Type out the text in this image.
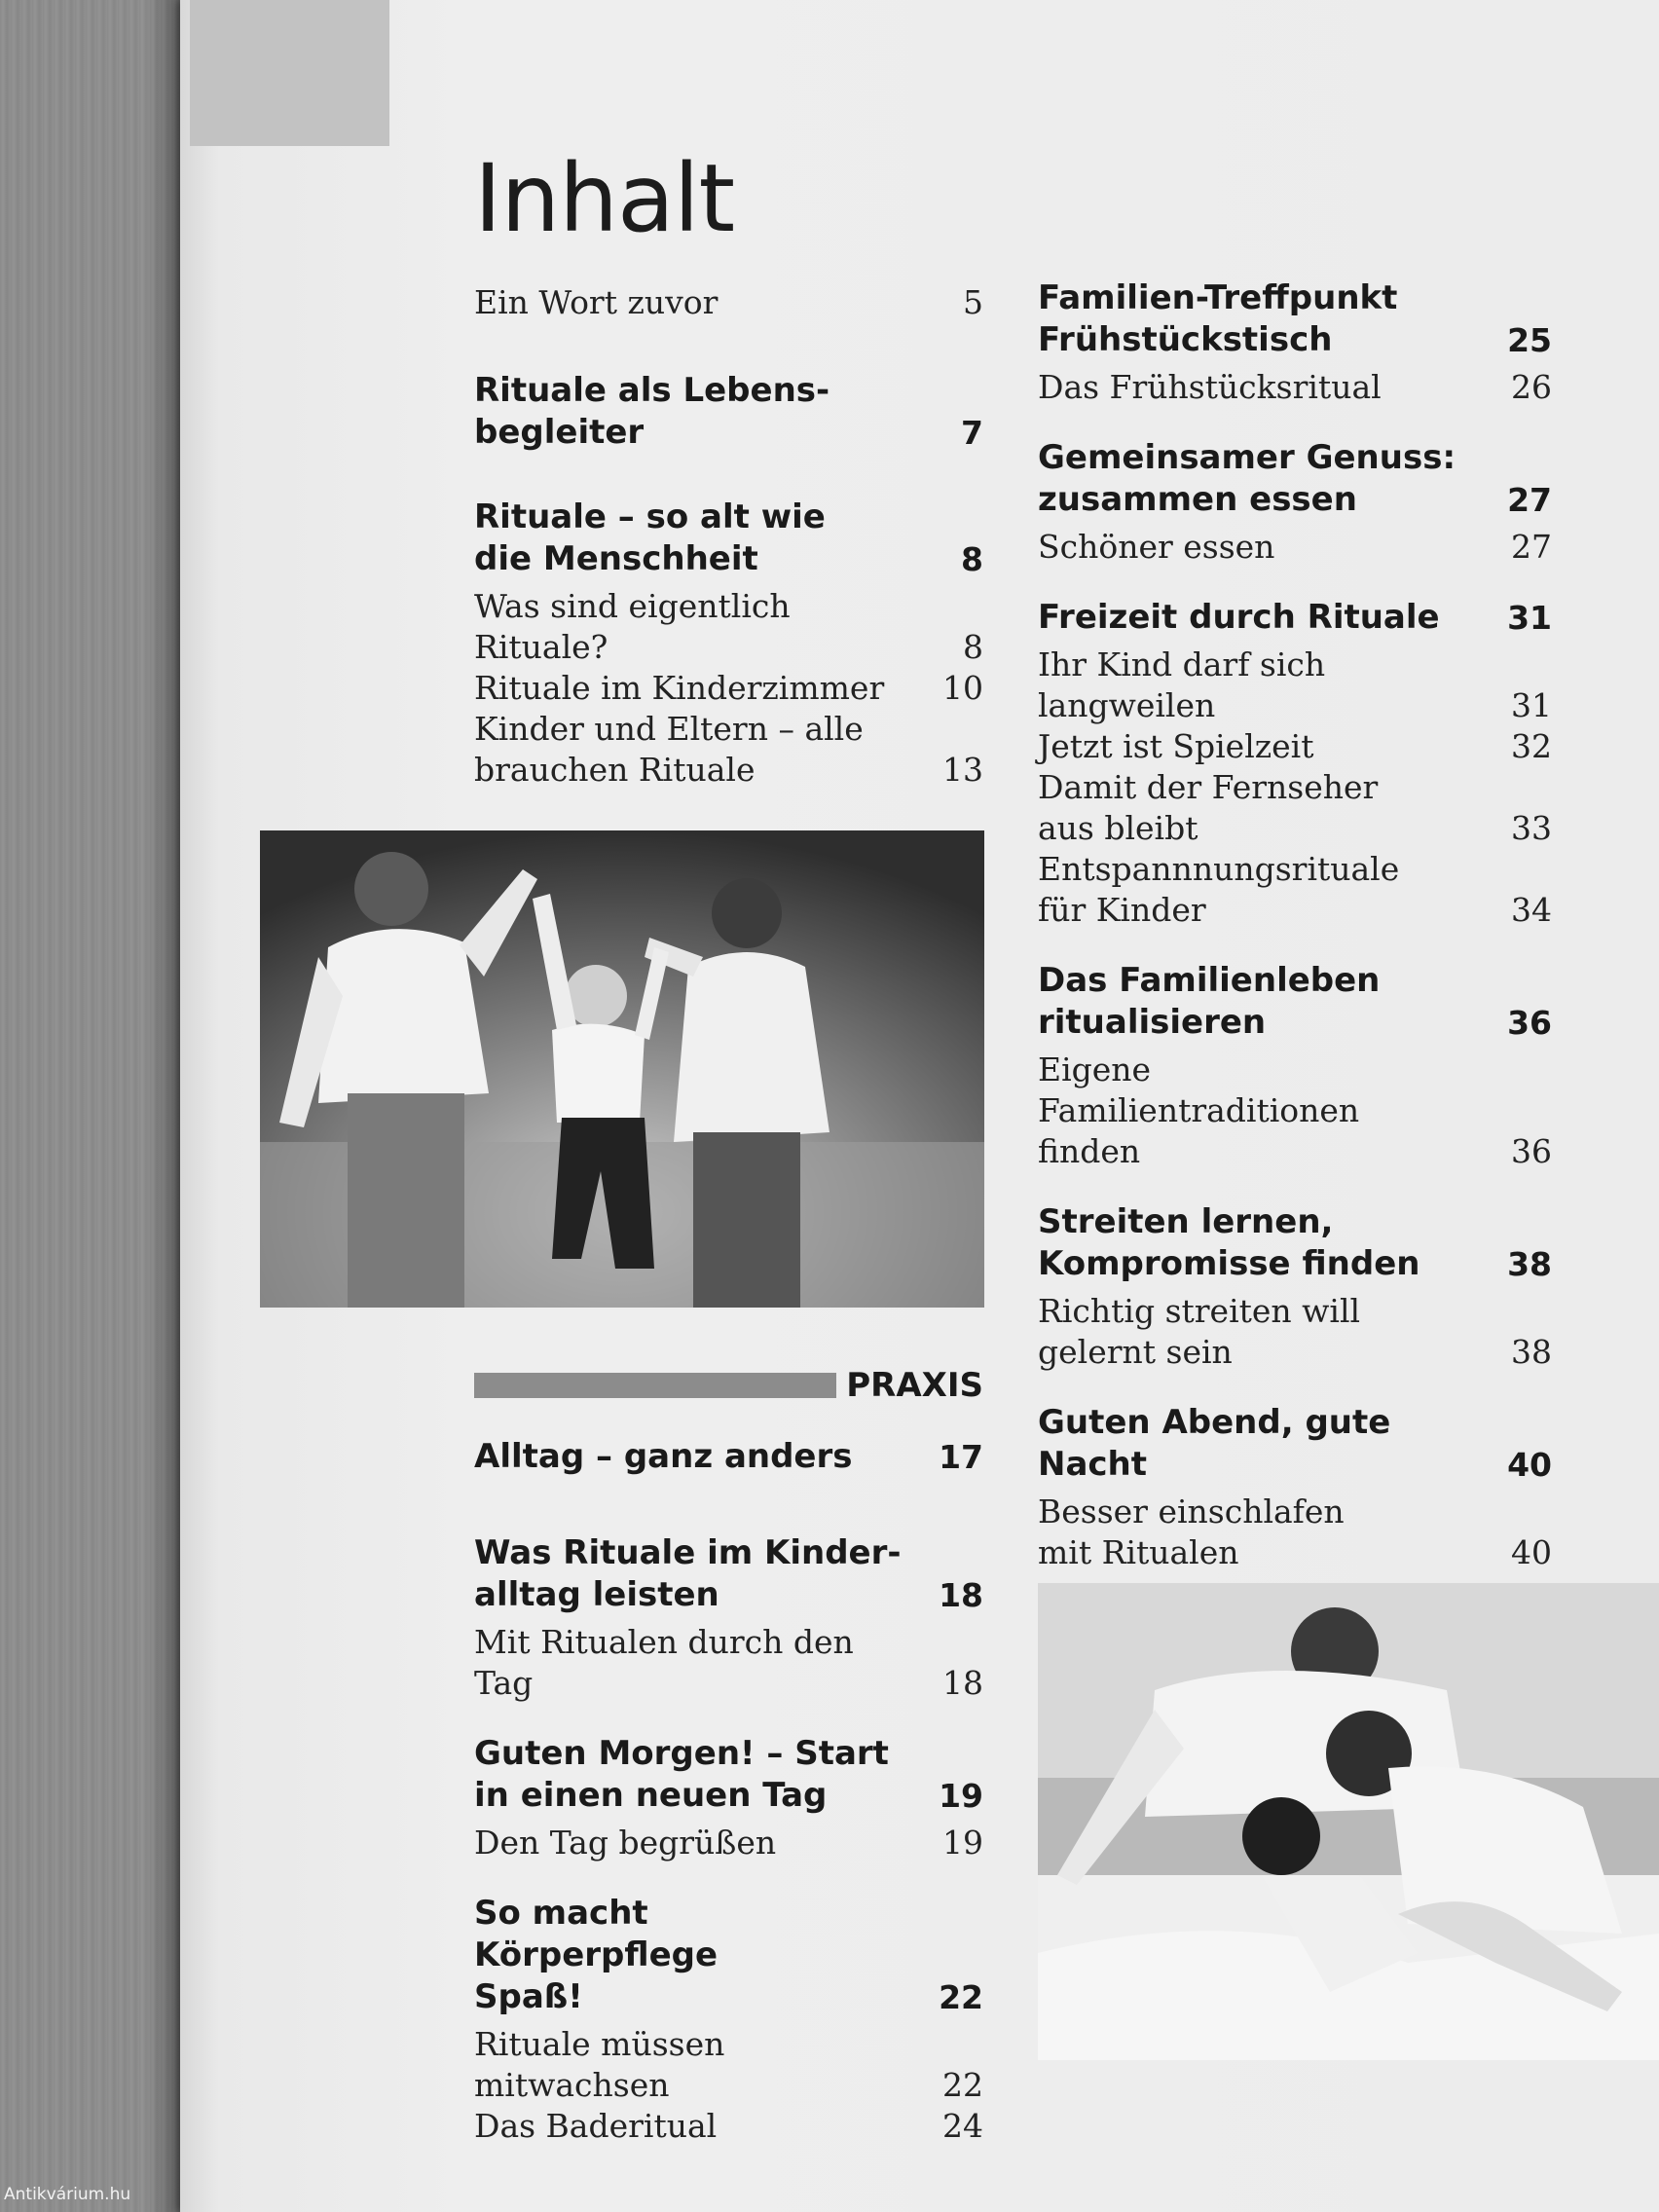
Inhalt
Ein Wort zuvor	5
Rituale als Lebens-
begleiter	7
Rituale – so alt wie
die Menschheit	8
Was sind eigentlich Rituale?	8
Rituale im Kinderzimmer 10
Kinder und Eltern – alle
brauchen Rituale	13
PRAXIS
Alltag – ganz anders	17
Was Rituale im Kinder-
alltag leisten	18
Mit Ritualen durch den Tag	18
Guten Morgen! – Start
in einen neuen Tag	19
Den Tag begrüßen	19
So macht Körperpflege
Spaß!	22
Rituale müssen mitwachsen	22
Das Baderitual	24
Familien-Treffpunkt
Frühstückstisch	25
Das Frühstücksritual	26
Gemeinsamer Genuss:
zusammen essen	27
Schöner essen	27
Freizeit durch Rituale 31
Ihr Kind darf sich
langweilen	31
Jetzt ist Spielzeit	32
Damit der Fernseher
aus bleibt	33
Entspannnungsrituale
für Kinder	34
Das Familienleben
ritualisieren	36
Eigene Familientraditionen
finden	36
Streiten lernen,
Kompromisse finden	38
Richtig streiten will
gelernt sein	38
Guten Abend, gute Nacht	40
Besser einschlafen
mit Ritualen	40
Antikvárium.hu
